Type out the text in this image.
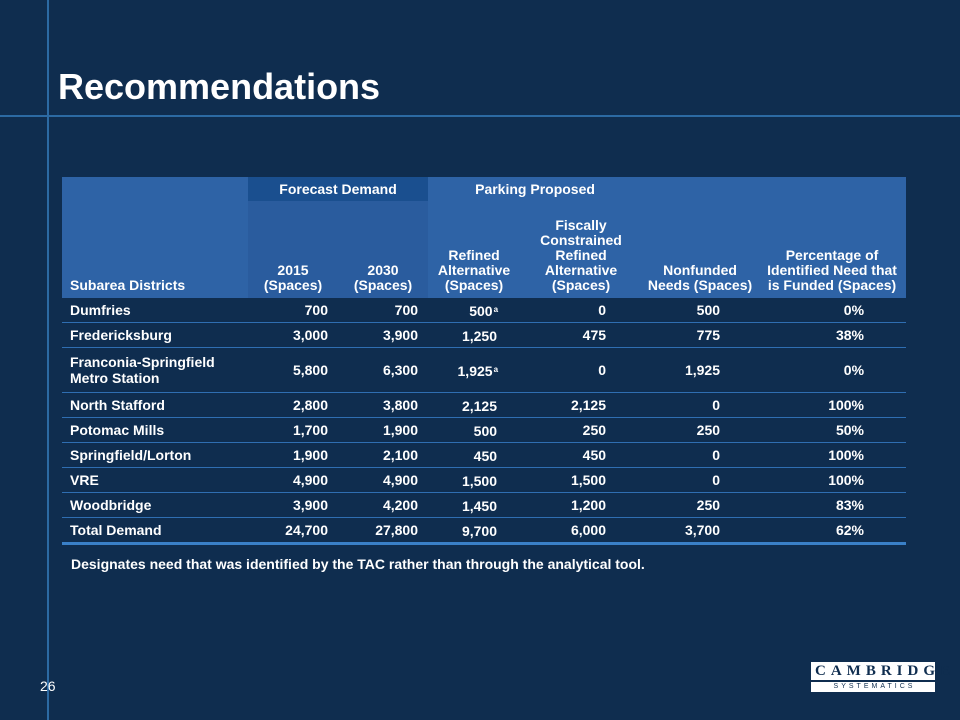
Recommendations
Subarea Districts	Forecast Demand		Parking Proposed		Nonfunded Needs (Spaces)	Percentage of Identified Need that is Funded (Spaces)
	2015 (Spaces)	2030 (Spaces)	Refined Alternative (Spaces)	Fiscally Constrained Refined Alternative (Spaces)		
Dumfries	700	700	500$^a$	0	500	0%
Fredericksburg	3,000	3,900	1,250	475	775	38%
Franconia-Springfield Metro Station	5,800	6,300	1,925$^a$	0	1,925	0%
North Stafford	2,800	3,800	2,125	2,125	0	100%
Potomac Mills	1,700	1,900	500	250	250	50%
Springfield/Lorton	1,900	2,100	450	450	0	100%
VRE	4,900	4,900	1,500	1,500	0	100%
Woodbridge	3,900	4,200	1,450	1,200	250	83%
Total Demand	24,700	27,800	9,700	6,000	3,700	62%
Designates need that was identified by the TAC rather than through the analytical tool.
26
CAMBRIDGE
SYSTEMATICS
